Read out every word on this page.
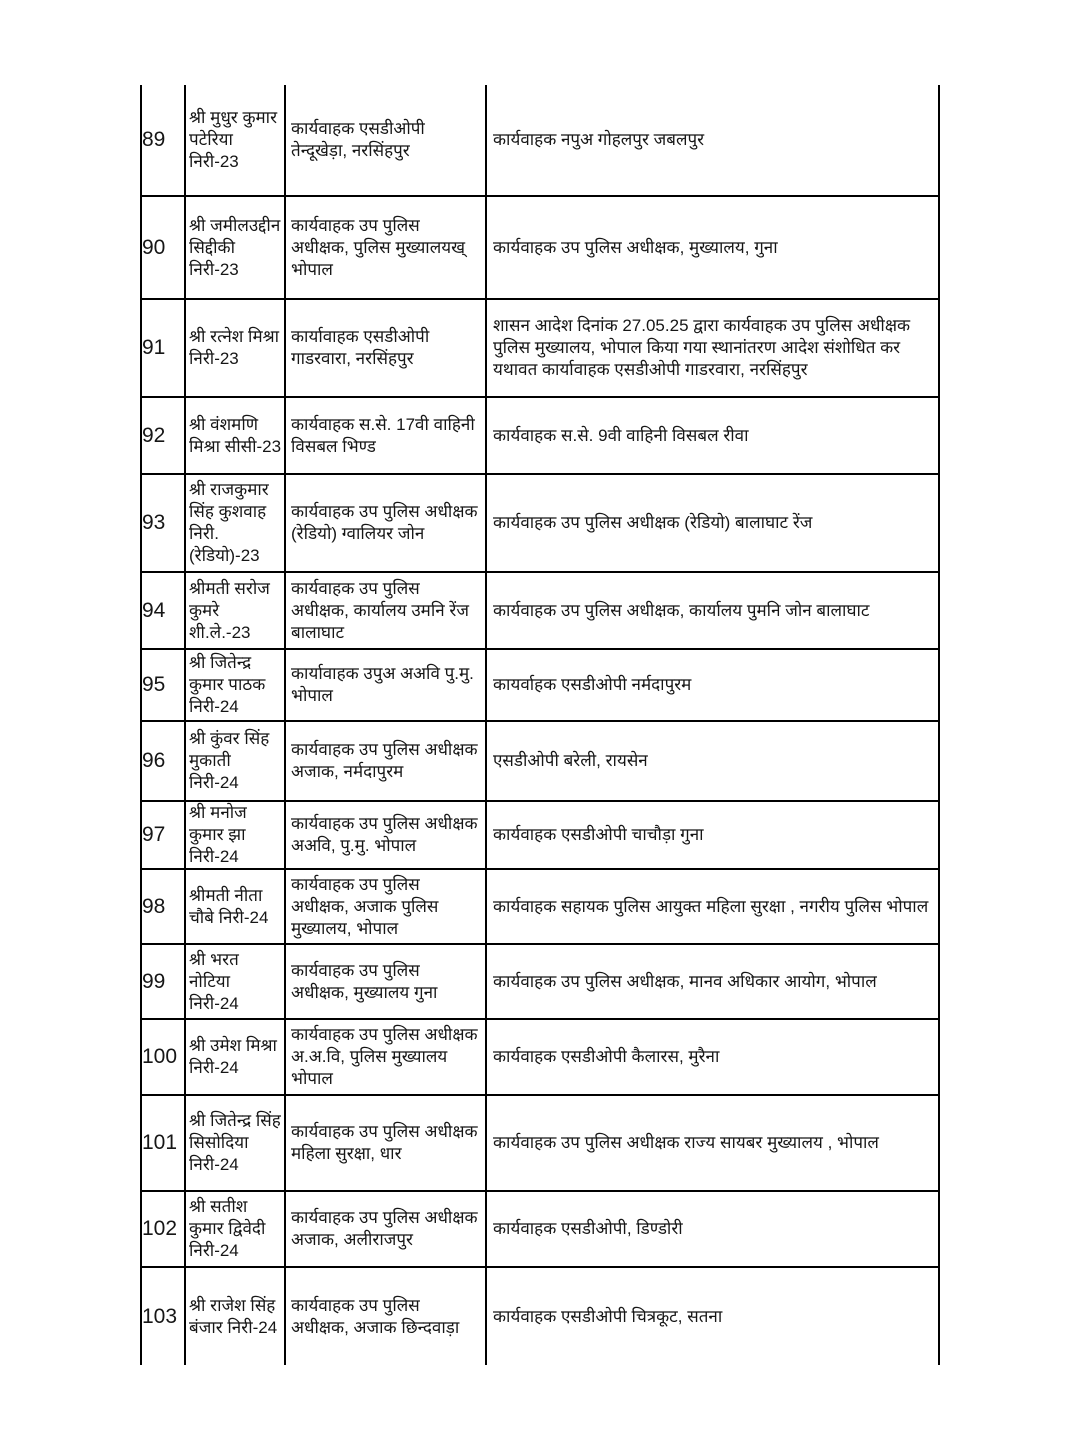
89
श्री मुधुर कुमार पटेरिया निरी-23
कार्यवाहक एसडीओपी तेन्दूखेड़ा, नरसिंहपुर
कार्यवाहक नपुअ गोहलपुर जबलपुर
90
श्री जमीलउद्दीन सिद्दीकी निरी-23
कार्यवाहक उप पुलिस अधीक्षक, पुलिस मुख्यालयख् भोपाल
कार्यवाहक उप पुलिस अधीक्षक, मुख्यालय, गुना
91	श्री रत्नेश मिश्रा निरी-23
कार्यावाहक एसडीओपी गाडरवारा, नरसिंहपुर
शासन आदेश दिनांक 27.05.25 द्वारा कार्यवाहक उप पुलिस अधीक्षक पुलिस मुख्यालय, भोपाल किया गया स्थानांतरण आदेश संशोधित कर यथावत कार्यावाहक एसडीओपी गाडरवारा, नरसिंहपुर
92	श्री वंशमणि मिश्रा सीसी-23
कार्यवाहक स.से. 17वी वाहिनी विसबल भिण्ड
कार्यवाहक स.से. 9वी वाहिनी विसबल रीवा
93
श्री राजकुमार सिंह कुशवाह निरी. (रेडियो)-23
कार्यवाहक उप पुलिस अधीक्षक (रेडियो) ग्वालियर जोन
कार्यवाहक उप पुलिस अधीक्षक (रेडियो) बालाघाट रेंज
94
श्रीमती सरोज कुमरे शी.ले.-23
कार्यवाहक उप पुलिस अधीक्षक, कार्यालय उमनि रेंज बालाघाट
कार्यवाहक उप पुलिस अधीक्षक, कार्यालय पुमनि जोन बालाघाट
95
श्री जितेन्द्र कुमार पाठक निरी-24
कार्यावाहक उपुअ अअवि पु.मु. भोपाल
कायर्वाहक एसडीओपी नर्मदापुरम
96
श्री कुंवर सिंह मुकाती निरी-24
कार्यवाहक उप पुलिस अधीक्षक अजाक, नर्मदापुरम
एसडीओपी बरेली, रायसेन
97
श्री मनोज कुमार झा निरी-24
कार्यवाहक उप पुलिस अधीक्षक अअवि, पु.मु. भोपाल
कार्यवाहक एसडीओपी चाचौड़ा गुना
98	श्रीमती नीता चौबे निरी-24
कार्यवाहक उप पुलिस अधीक्षक, अजाक पुलिस मुख्यालय, भोपाल
कार्यवाहक सहायक पुलिस आयुक्त महिला सुरक्षा , नगरीय पुलिस भोपाल
99
श्री भरत नोटिया निरी-24
कार्यवाहक उप पुलिस अधीक्षक, मुख्यालय गुना
कार्यवाहक उप पुलिस अधीक्षक, मानव अधिकार आयोग, भोपाल
100 श्री उमेश मिश्रा निरी-24
कार्यवाहक उप पुलिस अधीक्षक अ.अ.वि, पुलिस मुख्यालय भोपाल
कार्यवाहक एसडीओपी कैलारस, मुरैना
101
श्री जितेन्द्र सिंह सिसोदिया निरी-24
कार्यवाहक उप पुलिस अधीक्षक महिला सुरक्षा, धार
कार्यवाहक उप पुलिस अधीक्षक राज्य सायबर मुख्यालय , भोपाल
102
श्री सतीश कुमार द्विवेदी निरी-24
कार्यवाहक उप पुलिस अधीक्षक अजाक, अलीराजपुर
कार्यवाहक एसडीओपी, डिण्डोरी
103 श्री राजेश सिंह बंजार निरी-24
कार्यवाहक उप पुलिस अधीक्षक, अजाक छिन्दवाड़ा
कार्यवाहक एसडीओपी चित्रकूट, सतना
